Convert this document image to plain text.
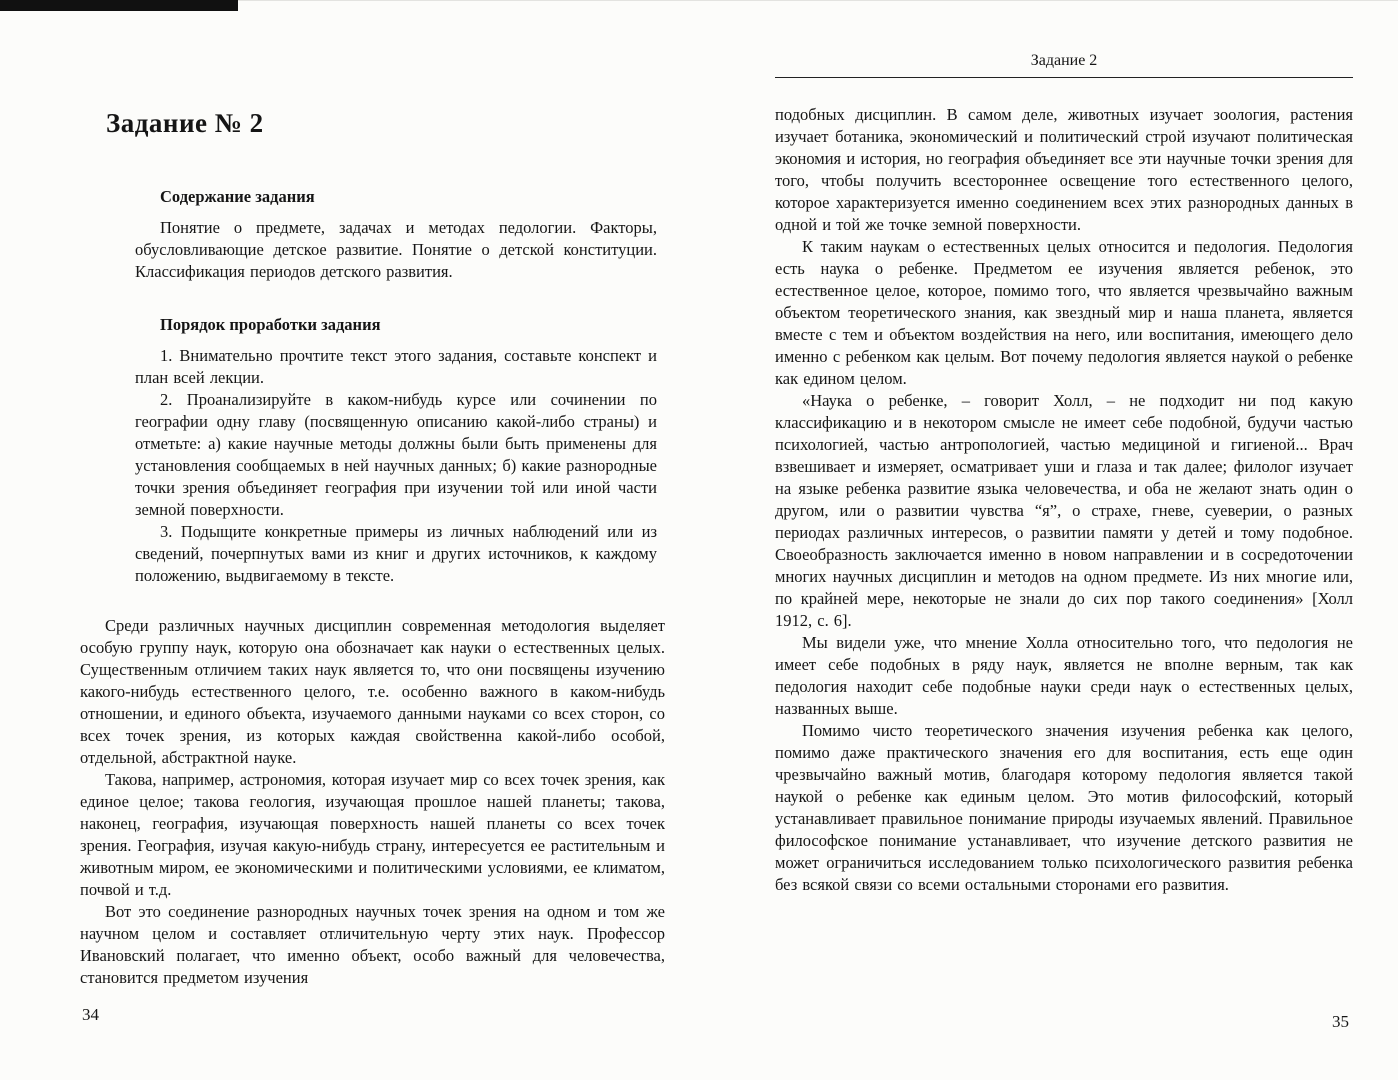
Задание № 2
Содержание задания

Понятие о предмете, задачах и методах педологии. Факторы, обусловливающие детское развитие. Понятие о детской конституции. Классификация периодов детского развития.

Порядок проработки задания

1. Внимательно прочтите текст этого задания, составьте конспект и план всей лекции.

2. Проанализируйте в каком-нибудь курсе или сочинении по географии одну главу (посвященную описанию какой-либо страны) и отметьте: а) какие научные методы должны были быть применены для установления сообщаемых в ней научных данных; б) какие разнородные точки зрения объединяет география при изучении той или иной части земной поверхности.

3. Подыщите конкретные примеры из личных наблюдений или из сведений, почерпнутых вами из книг и других источников, к каждому положению, выдвигаемому в тексте.

Среди различных научных дисциплин современная методология выделяет особую группу наук, которую она обозначает как науки о естественных целых. Существенным отличием таких наук является то, что они посвящены изучению какого-нибудь естественного целого, т.е. особенно важного в каком-нибудь отношении, и единого объекта, изучаемого данными науками со всех сторон, со всех точек зрения, из которых каждая свойственна какой-либо особой, отдельной, абстрактной науке.

Такова, например, астрономия, которая изучает мир со всех точек зрения, как единое целое; такова геология, изучающая прошлое нашей планеты; такова, наконец, география, изучающая поверхность нашей планеты со всех точек зрения. География, изучая какую-нибудь страну, интересуется ее растительным и животным миром, ее экономическими и политическими условиями, ее климатом, почвой и т.д.

Вот это соединение разнородных научных точек зрения на одном и том же научном целом и составляет отличительную черту этих наук. Профессор Ивановский полагает, что именно объект, особо важный для человечества, становится предметом изучения

34
Задание 2

подобных дисциплин. В самом деле, животных изучает зоология, растения изучает ботаника, экономический и политический строй изучают политическая экономия и история, но география объединяет все эти научные точки зрения для того, чтобы получить всестороннее освещение того естественного целого, которое характеризуется именно соединением всех этих разнородных данных в одной и той же точке земной поверхности.

К таким наукам о естественных целых относится и педология. Педология есть наука о ребенке. Предметом ее изучения является ребенок, это естественное целое, которое, помимо того, что является чрезвычайно важным объектом теоретического знания, как звездный мир и наша планета, является вместе с тем и объектом воздействия на него, или воспитания, имеющего дело именно с ребенком как целым. Вот почему педология является наукой о ребенке как едином целом.

«Наука о ребенке, – говорит Холл, – не подходит ни под какую классификацию и в некотором смысле не имеет себе подобной, будучи частью психологией, частью антропологией, частью медициной и гигиеной... Врач взвешивает и измеряет, осматривает уши и глаза и так далее; филолог изучает на языке ребенка развитие языка человечества, и оба не желают знать один о другом, или о развитии чувства “я”, о страхе, гневе, суеверии, о разных периодах различных интересов, о развитии памяти у детей и тому подобное. Своеобразность заключается именно в новом направлении и в сосредоточении многих научных дисциплин и методов на одном предмете. Из них многие или, по крайней мере, некоторые не знали до сих пор такого соединения» [Холл 1912, с. 6].

Мы видели уже, что мнение Холла относительно того, что педология не имеет себе подобных в ряду наук, является не вполне верным, так как педология находит себе подобные науки среди наук о естественных целых, названных выше.

Помимо чисто теоретического значения изучения ребенка как целого, помимо даже практического значения его для воспитания, есть еще один чрезвычайно важный мотив, благодаря которому педология является такой наукой о ребенке как единым целом. Это мотив философский, который устанавливает правильное понимание природы изучаемых явлений. Правильное философское понимание устанавливает, что изучение детского развития не может ограничиться исследованием только психологического развития ребенка без всякой связи со всеми остальными сторонами его развития.

35
